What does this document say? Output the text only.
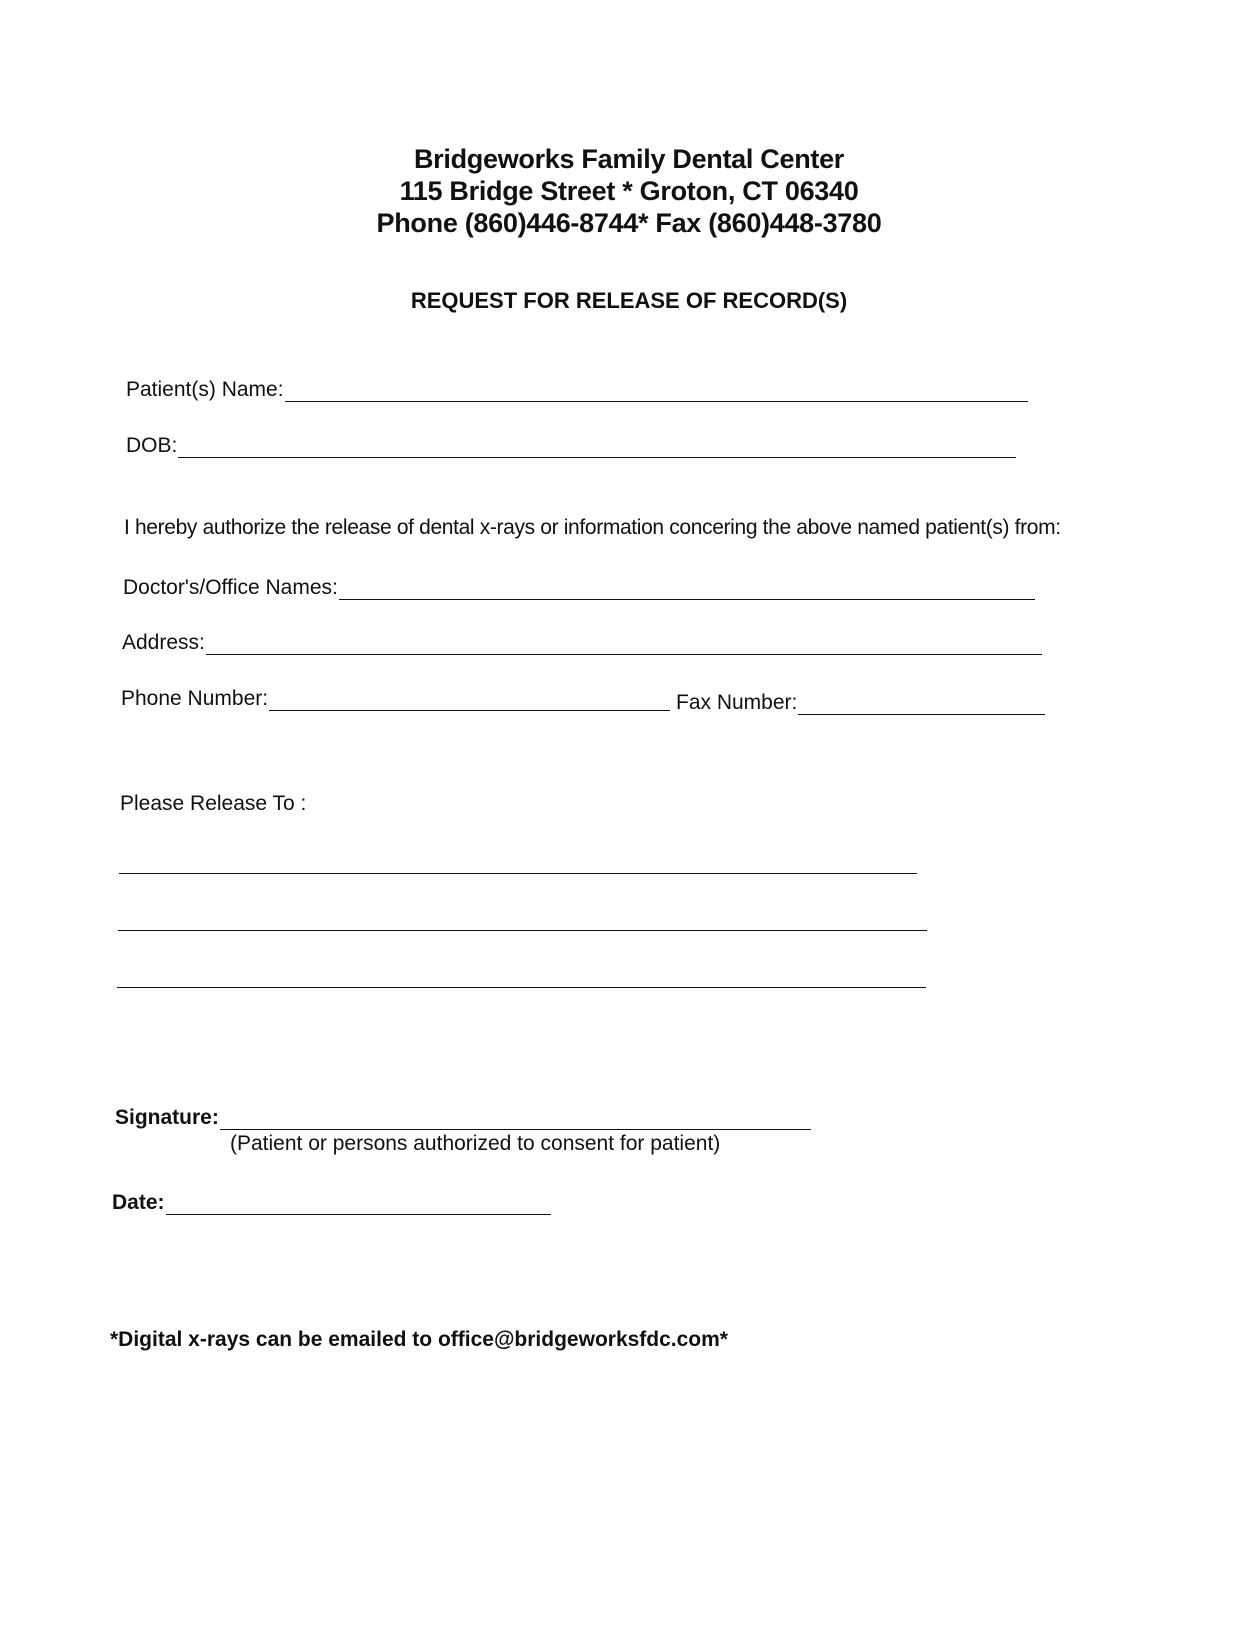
Bridgeworks Family Dental Center
115 Bridge Street * Groton, CT 06340
Phone (860)446-8744* Fax (860)448-3780
REQUEST FOR RELEASE OF RECORD(S)
Patient(s) Name:
DOB:
I hereby authorize the release of dental x-rays or information concering the above named patient(s) from:
Doctor's/Office Names:
Address:
Phone Number:	Fax Number:
Please Release To :
Signature:
(Patient or persons authorized to consent for patient)
Date:
*Digital x-rays can be emailed to office@bridgeworksfdc.com*
